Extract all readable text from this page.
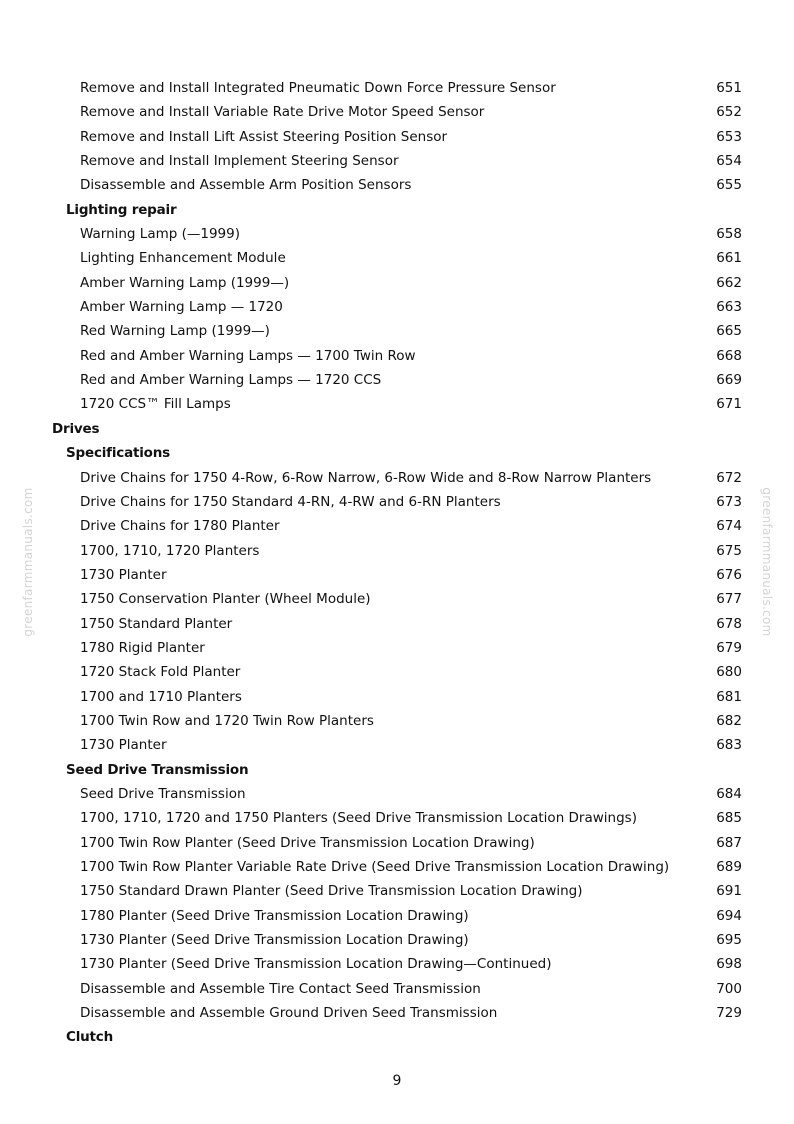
Remove and Install Integrated Pneumatic Down Force Pressure Sensor	651
Remove and Install Variable Rate Drive Motor Speed Sensor	652
Remove and Install Lift Assist Steering Position Sensor	653
Remove and Install Implement Steering Sensor	654
Disassemble and Assemble Arm Position Sensors	655
Lighting repair
Warning Lamp (—1999)	658
Lighting Enhancement Module	661
Amber Warning Lamp (1999—)	662
Amber Warning Lamp — 1720	663
Red Warning Lamp (1999—)	665
Red and Amber Warning Lamps — 1700 Twin Row	668
Red and Amber Warning Lamps — 1720 CCS	669
1720 CCS™ Fill Lamps	671
Drives
Specifications
Drive Chains for 1750 4-Row, 6-Row Narrow, 6-Row Wide and 8-Row Narrow Planters	672
Drive Chains for 1750 Standard 4-RN, 4-RW and 6-RN Planters	673
Drive Chains for 1780 Planter	674
1700, 1710, 1720 Planters	675
1730 Planter	676
1750 Conservation Planter (Wheel Module)	677
1750 Standard Planter	678
1780 Rigid Planter	679
1720 Stack Fold Planter	680
1700 and 1710 Planters	681
1700 Twin Row and 1720 Twin Row Planters	682
1730 Planter	683
Seed Drive Transmission
Seed Drive Transmission	684
1700, 1710, 1720 and 1750 Planters (Seed Drive Transmission Location Drawings)	685
1700 Twin Row Planter (Seed Drive Transmission Location Drawing)	687
1700 Twin Row Planter Variable Rate Drive (Seed Drive Transmission Location Drawing)	689
1750 Standard Drawn Planter (Seed Drive Transmission Location Drawing)	691
1780 Planter (Seed Drive Transmission Location Drawing)	694
1730 Planter (Seed Drive Transmission Location Drawing)	695
1730 Planter (Seed Drive Transmission Location Drawing—Continued)	698
Disassemble and Assemble Tire Contact Seed Transmission	700
Disassemble and Assemble Ground Driven Seed Transmission	729
Clutch
greenfarmmanuals.com	greenfarmmanuals.com
9
